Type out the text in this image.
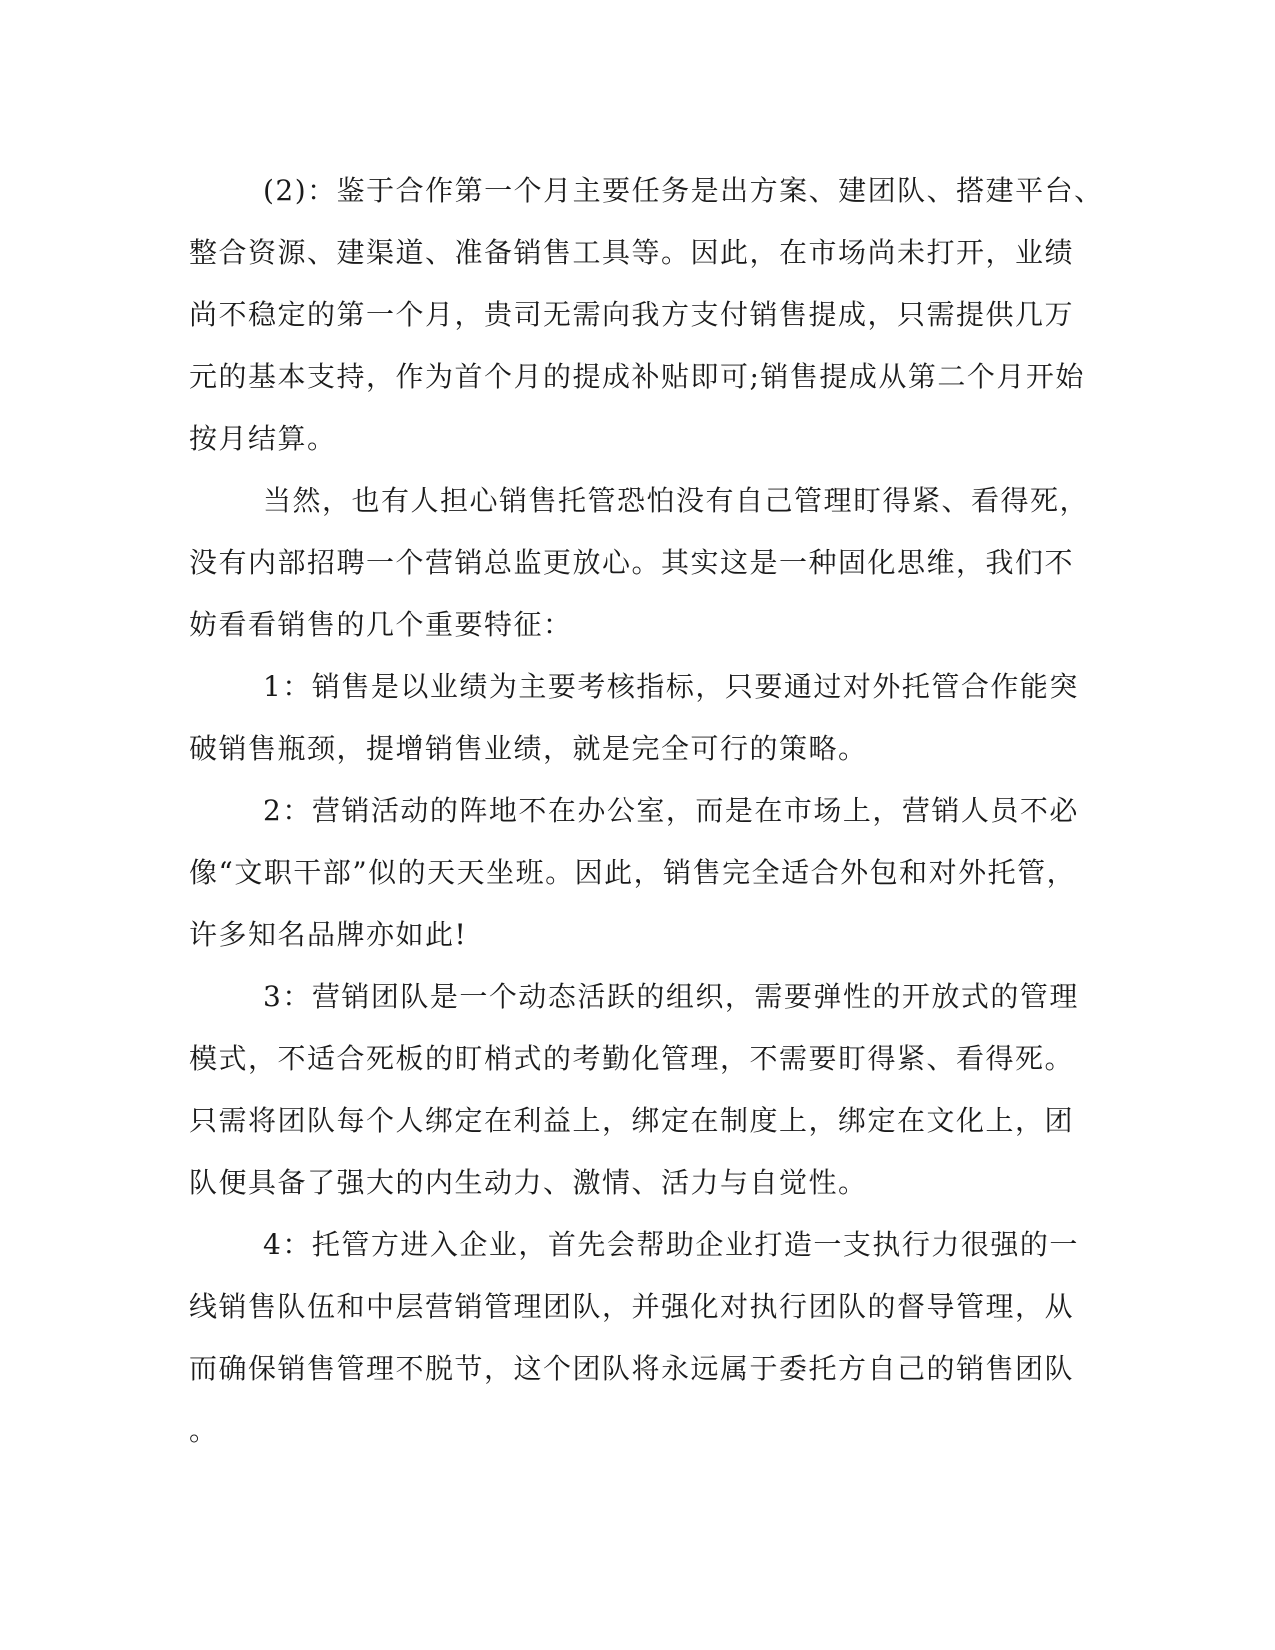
(2)：鉴于合作第一个月主要任务是出方案、建团队、搭建平台、
整合资源、建渠道、准备销售工具等。因此，在市场尚未打开，业绩
尚不稳定的第一个月，贵司无需向我方支付销售提成，只需提供几万
元的基本支持，作为首个月的提成补贴即可;销售提成从第二个月开始
按月结算。

当然，也有人担心销售托管恐怕没有自己管理盯得紧、看得死，
没有内部招聘一个营销总监更放心。其实这是一种固化思维，我们不
妨看看销售的几个重要特征：

1：销售是以业绩为主要考核指标，只要通过对外托管合作能突
破销售瓶颈，提增销售业绩，就是完全可行的策略。

2：营销活动的阵地不在办公室，而是在市场上，营销人员不必
像“文职干部”似的天天坐班。因此，销售完全适合外包和对外托管，
许多知名品牌亦如此!

3：营销团队是一个动态活跃的组织，需要弹性的开放式的管理
模式，不适合死板的盯梢式的考勤化管理，不需要盯得紧、看得死。
只需将团队每个人绑定在利益上，绑定在制度上，绑定在文化上，团
队便具备了强大的内生动力、激情、活力与自觉性。

4：托管方进入企业，首先会帮助企业打造一支执行力很强的一
线销售队伍和中层营销管理团队，并强化对执行团队的督导管理，从
而确保销售管理不脱节，这个团队将永远属于委托方自己的销售团队
。
